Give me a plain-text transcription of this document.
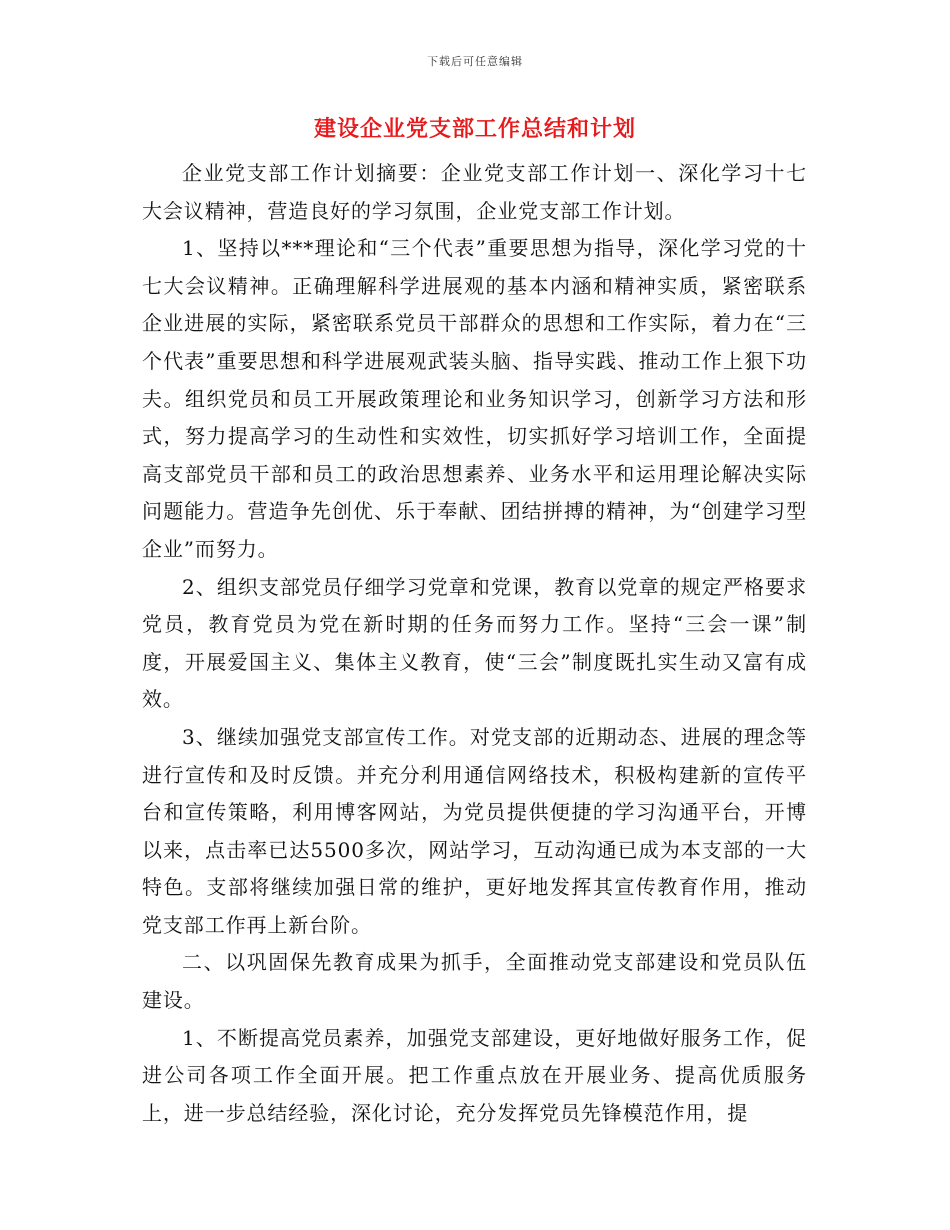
下载后可任意编辑
建设企业党支部工作总结和计划

企业党支部工作计划摘要：企业党支部工作计划一、深化学习十七大会议精神，营造良好的学习氛围，企业党支部工作计划。

1、坚持以***理论和“三个代表”重要思想为指导，深化学习党的十七大会议精神。正确理解科学进展观的基本内涵和精神实质，紧密联系企业进展的实际，紧密联系党员干部群众的思想和工作实际，着力在“三个代表”重要思想和科学进展观武装头脑、指导实践、推动工作上狠下功夫。组织党员和员工开展政策理论和业务知识学习，创新学习方法和形式，努力提高学习的生动性和实效性，切实抓好学习培训工作，全面提高支部党员干部和员工的政治思想素养、业务水平和运用理论解决实际问题能力。营造争先创优、乐于奉献、团结拼搏的精神，为“创建学习型企业”而努力。

2、组织支部党员仔细学习党章和党课，教育以党章的规定严格要求党员，教育党员为党在新时期的任务而努力工作。坚持“三会一课”制度，开展爱国主义、集体主义教育，使“三会”制度既扎实生动又富有成效。

3、继续加强党支部宣传工作。对党支部的近期动态、进展的理念等进行宣传和及时反馈。并充分利用通信网络技术，积极构建新的宣传平台和宣传策略，利用博客网站，为党员提供便捷的学习沟通平台，开博以来，点击率已达5500多次，网站学习，互动沟通已成为本支部的一大特色。支部将继续加强日常的维护，更好地发挥其宣传教育作用，推动党支部工作再上新台阶。

二、以巩固保先教育成果为抓手，全面推动党支部建设和党员队伍建设。

1、不断提高党员素养，加强党支部建设，更好地做好服务工作，促进公司各项工作全面开展。把工作重点放在开展业务、提高优质服务上，进一步总结经验，深化讨论，充分发挥党员先锋模范作用，提
